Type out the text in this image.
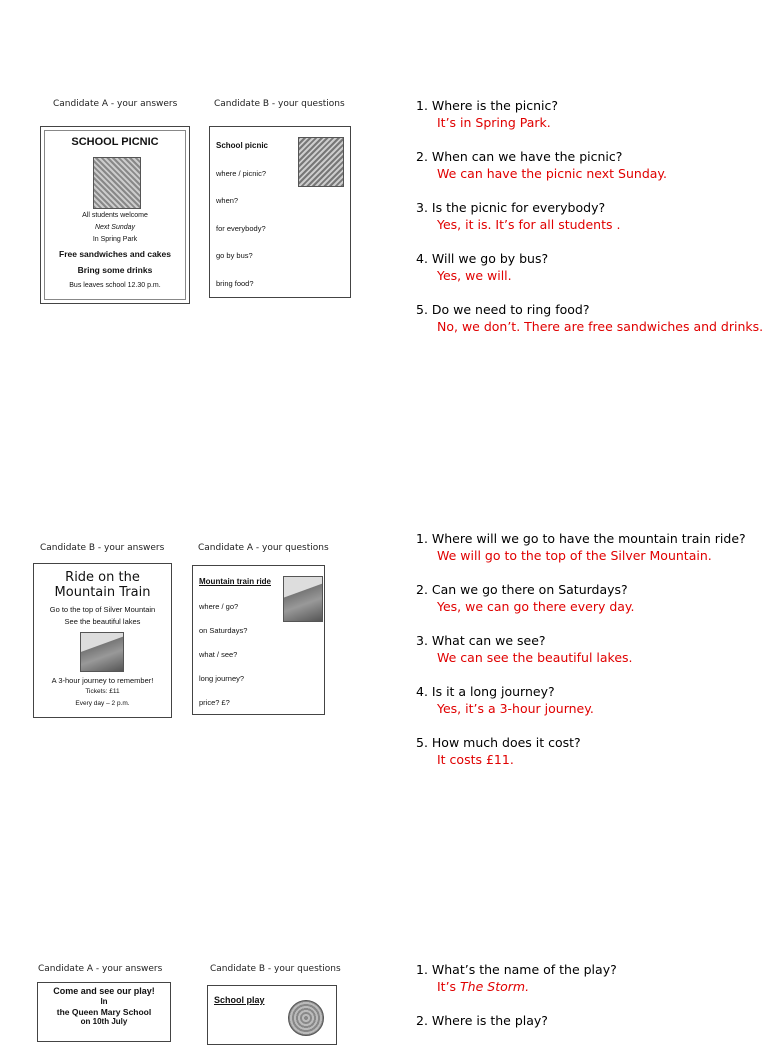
Candidate A - your answers	Candidate B - your questions
SCHOOL PICNIC
All students welcome
Next Sunday
In Spring Park
Free sandwiches and cakes
Bring some drinks
Bus leaves school 12.30 p.m.
School picnic
where / picnic?
when?
for everybody?
go by bus?
bring food?

1. Where is the picnic?

It’s in Spring Park.

2. When can we have the picnic?

We can have the picnic next Sunday.

3. Is the picnic for everybody?

Yes, it is. It’s for all students .

4. Will we go by bus?

Yes, we will.

5. Do we need to ring food?

No, we don’t. There are free sandwiches and drinks.

Candidate B - your answers	Candidate A - your questions
Ride on the
Mountain Train
Go to the top of Silver Mountain
See the beautiful lakes
A 3-hour journey to remember!
Tickets: £11
Every day – 2 p.m.
Mountain train ride
where / go?
on Saturdays?
what / see?
long journey?
price? £?

1. Where will we go to have the mountain train ride?

We will go to the top of the Silver Mountain.

2. Can we go there on Saturdays?

Yes, we can go there every day.

3. What can we see?

We can see the beautiful lakes.

4. Is it a long journey?

Yes, it’s a 3-hour journey.

5. How much does it cost?

It costs £11.

Candidate A - your answers	Candidate B - your questions
Come and see our play!
In
the Queen Mary School
on 10th July
School play

1. What’s the name of the play?

It’s The Storm.

2. Where is the play?
